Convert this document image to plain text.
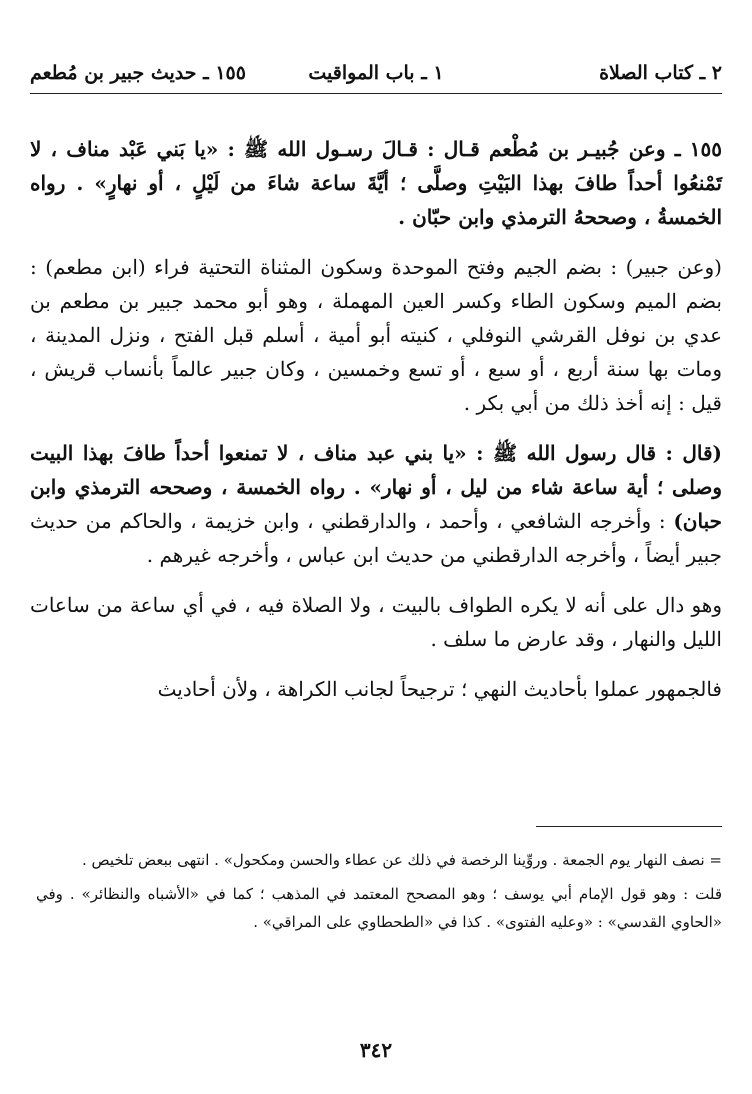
٢ ـ كتاب الصلاة
١ ـ باب المواقيت
١٥٥ ـ حديث جبير بن مُطعم

١٥٥ ـ وعن جُبيـر بن مُطْعم قـال : قـالَ رسـول الله ﷺ : «يا بَني عَبْد مناف ، لا تَمْنعُوا أحداً طافَ بهذا البَيْتِ وصلَّى ؛ أيَّةَ ساعة شاءَ من لَيْلٍ ، أو نهارٍ» . رواه الخمسةُ ، وصححهُ الترمذي وابن حبّان .

(وعن جبير) : بضم الجيم وفتح الموحدة وسكون المثناة التحتية فراء (ابن مطعم) : بضم الميم وسكون الطاء وكسر العين المهملة ، وهو أبو محمد جبير بن مطعم بن عدي بن نوفل القرشي النوفلي ، كنيته أبو أمية ، أسلم قبل الفتح ، ونزل المدينة ، ومات بها سنة أربع ، أو سبع ، أو تسع وخمسين ، وكان جبير عالماً بأنساب قريش ، قيل : إنه أخذ ذلك من أبي بكر .

(قال : قال رسول الله ﷺ : «يا بني عبد مناف ، لا تمنعوا أحداً طافَ بهذا البيت وصلى ؛ أية ساعة شاء من ليل ، أو نهار» . رواه الخمسة ، وصححه الترمذي وابن حبان) : وأخرجه الشافعي ، وأحمد ، والدارقطني ، وابن خزيمة ، والحاكم من حديث جبير أيضاً ، وأخرجه الدارقطني من حديث ابن عباس ، وأخرجه غيرهم .

وهو دال على أنه لا يكره الطواف بالبيت ، ولا الصلاة فيه ، في أي ساعة من ساعات الليل والنهار ، وقد عارض ما سلف .

فالجمهور عملوا بأحاديث النهي ؛ ترجيحاً لجانب الكراهة ، ولأن أحاديث

= نصف النهار يوم الجمعة . وروِّينا الرخصة في ذلك عن عطاء والحسن ومكحول» . انتهى ببعض تلخيص .

قلت : وهو قول الإمام أبي يوسف ؛ وهو المصحح المعتمد في المذهب ؛ كما في «الأشباه والنظائر» . وفي «الحاوي القدسي» : «وعليه الفتوى» . كذا في «الطحطاوي على المراقي» .

٣٤٢
